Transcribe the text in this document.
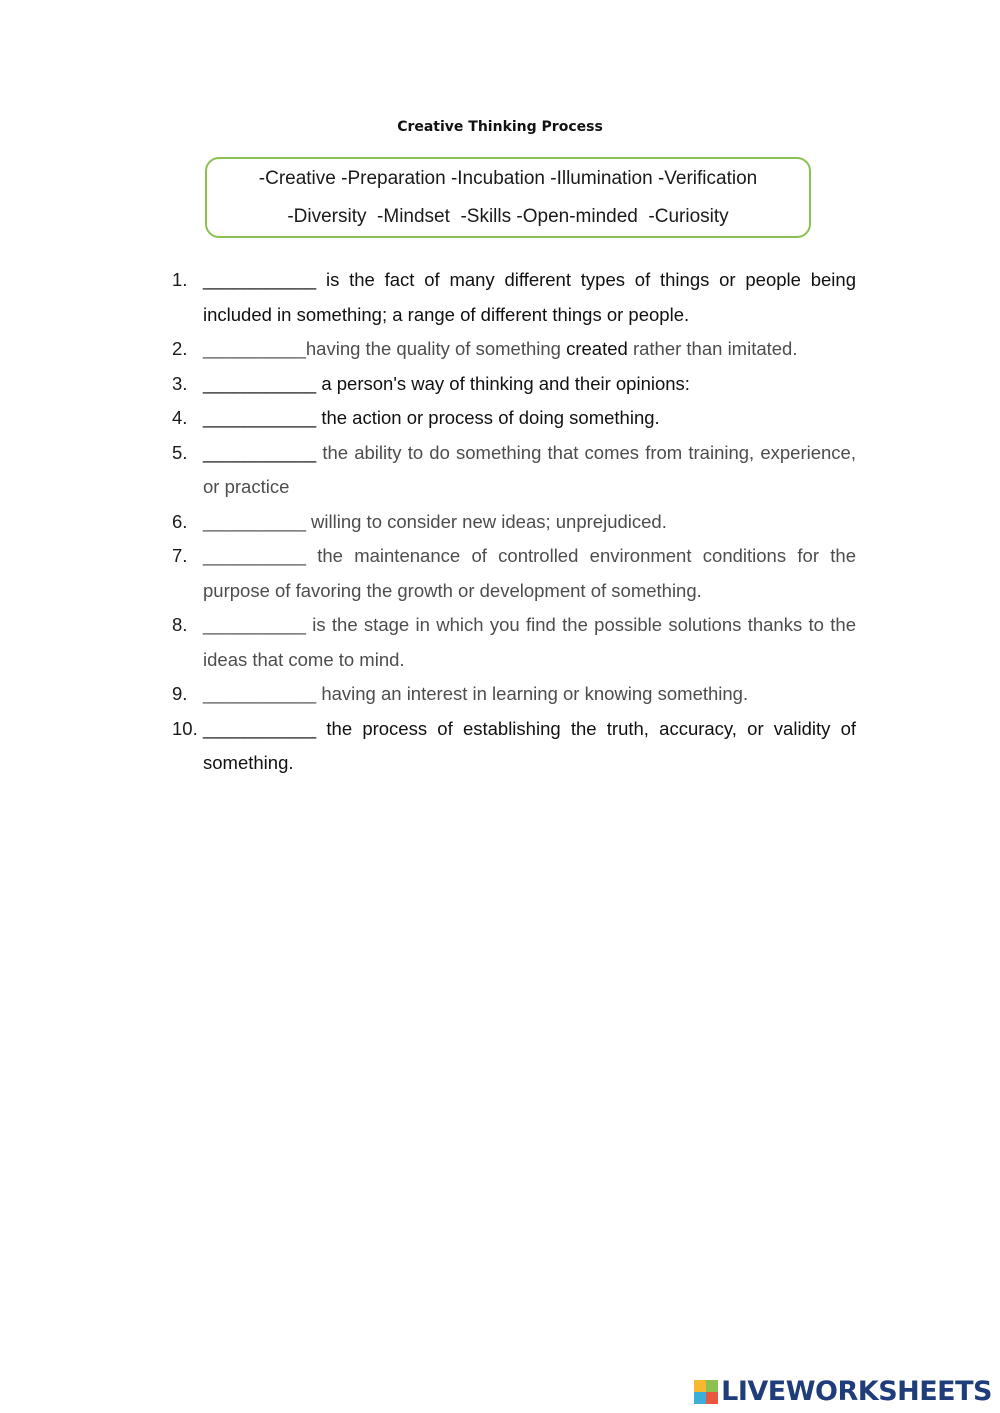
Creative Thinking Process
-Creative -Preparation -Incubation -Illumination -Verification
-Diversity  -Mindset  -Skills -Open-minded  -Curiosity
1. ___________ is the fact of many different types of things or people being included in something; a range of different things or people.
2. __________having the quality of something created rather than imitated.
3. ___________ a person's way of thinking and their opinions:
4. ___________ the action or process of doing something.
5. ___________ the ability to do something that comes from training, experience, or practice
6. __________ willing to consider new ideas; unprejudiced.
7. __________ the maintenance of controlled environment conditions for the purpose of favoring the growth or development of something.
8. __________ is the stage in which you find the possible solutions thanks to the ideas that come to mind.
9. ___________ having an interest in learning or knowing something.
10. ___________ the process of establishing the truth, accuracy, or validity of something.
LIVEWORKSHEETS
